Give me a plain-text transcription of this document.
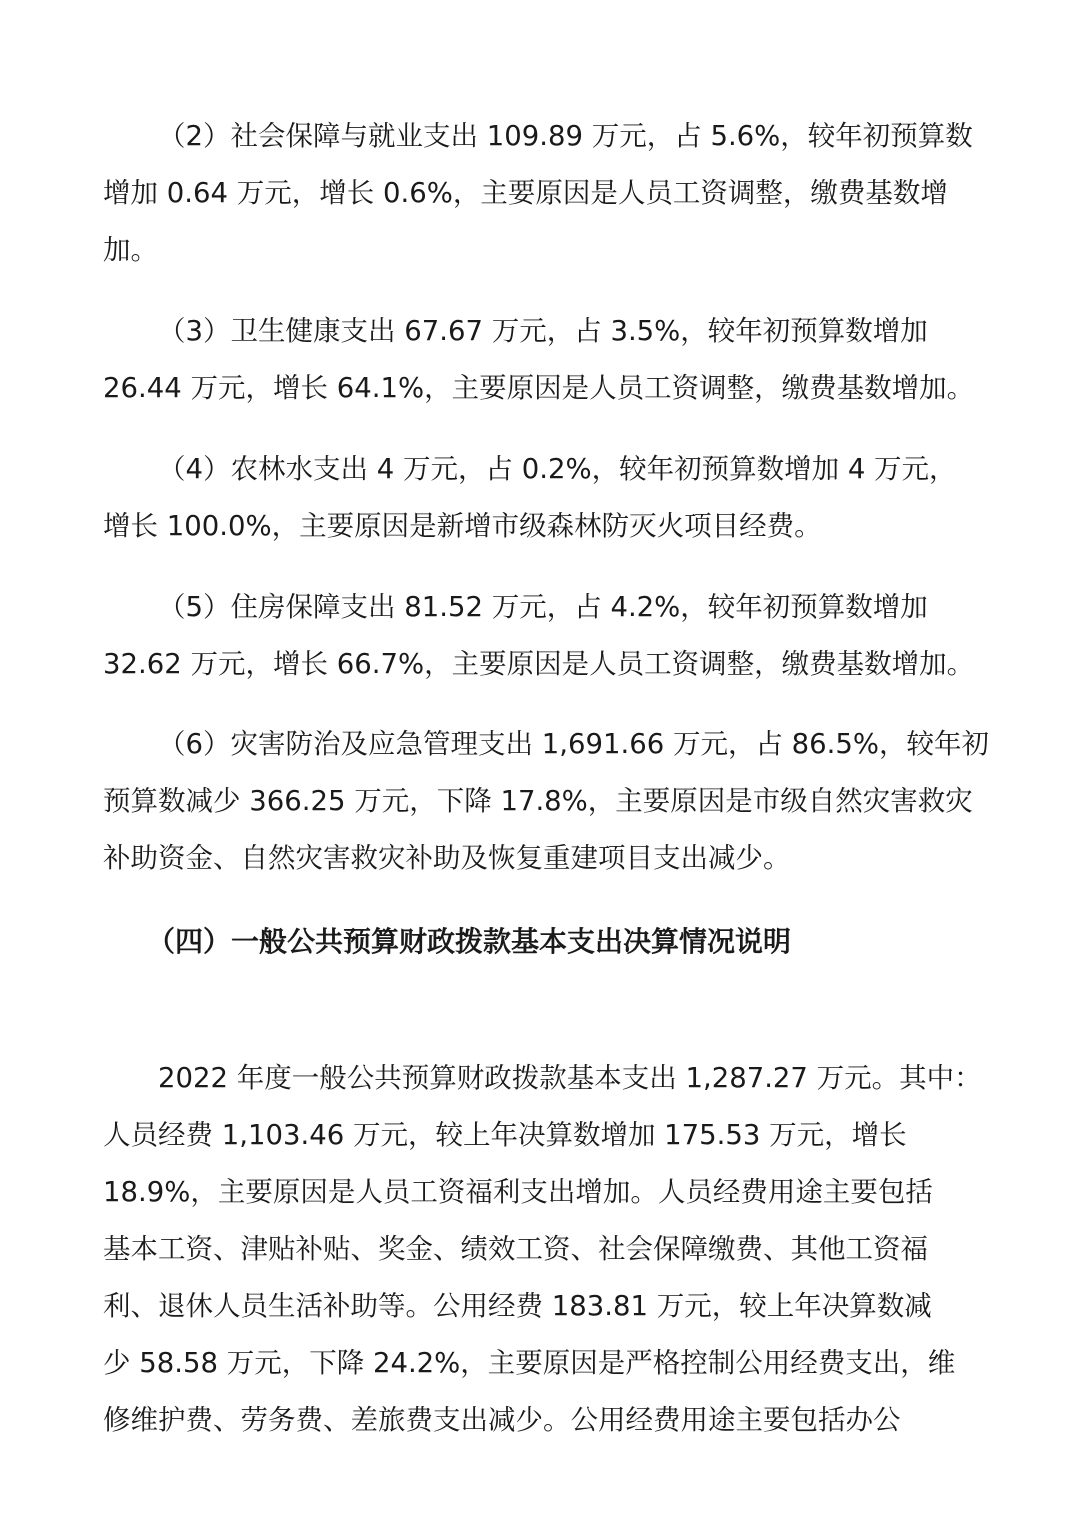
（2）社会保障与就业支出 109.89 万元，占 5.6%，较年初预算数
增加 0.64 万元，增长 0.6%，主要原因是人员工资调整，缴费基数增
加。

（3）卫生健康支出 67.67 万元，占 3.5%，较年初预算数增加
26.44 万元，增长 64.1%，主要原因是人员工资调整，缴费基数增加。

（4）农林水支出 4 万元，占 0.2%，较年初预算数增加 4 万元，
增长 100.0%，主要原因是新增市级森林防灭火项目经费。

（5）住房保障支出 81.52 万元，占 4.2%，较年初预算数增加
32.62 万元，增长 66.7%，主要原因是人员工资调整，缴费基数增加。

（6）灾害防治及应急管理支出 1,691.66 万元，占 86.5%，较年初
预算数减少 366.25 万元，下降 17.8%，主要原因是市级自然灾害救灾
补助资金、自然灾害救灾补助及恢复重建项目支出减少。

（四）一般公共预算财政拨款基本支出决算情况说明

2022 年度一般公共预算财政拨款基本支出 1,287.27 万元。其中：
人员经费 1,103.46 万元，较上年决算数增加 175.53 万元，增长
18.9%，主要原因是人员工资福利支出增加。人员经费用途主要包括
基本工资、津贴补贴、奖金、绩效工资、社会保障缴费、其他工资福
利、退休人员生活补助等。公用经费 183.81 万元，较上年决算数减
少 58.58 万元，下降 24.2%，主要原因是严格控制公用经费支出，维
修维护费、劳务费、差旅费支出减少。公用经费用途主要包括办公
